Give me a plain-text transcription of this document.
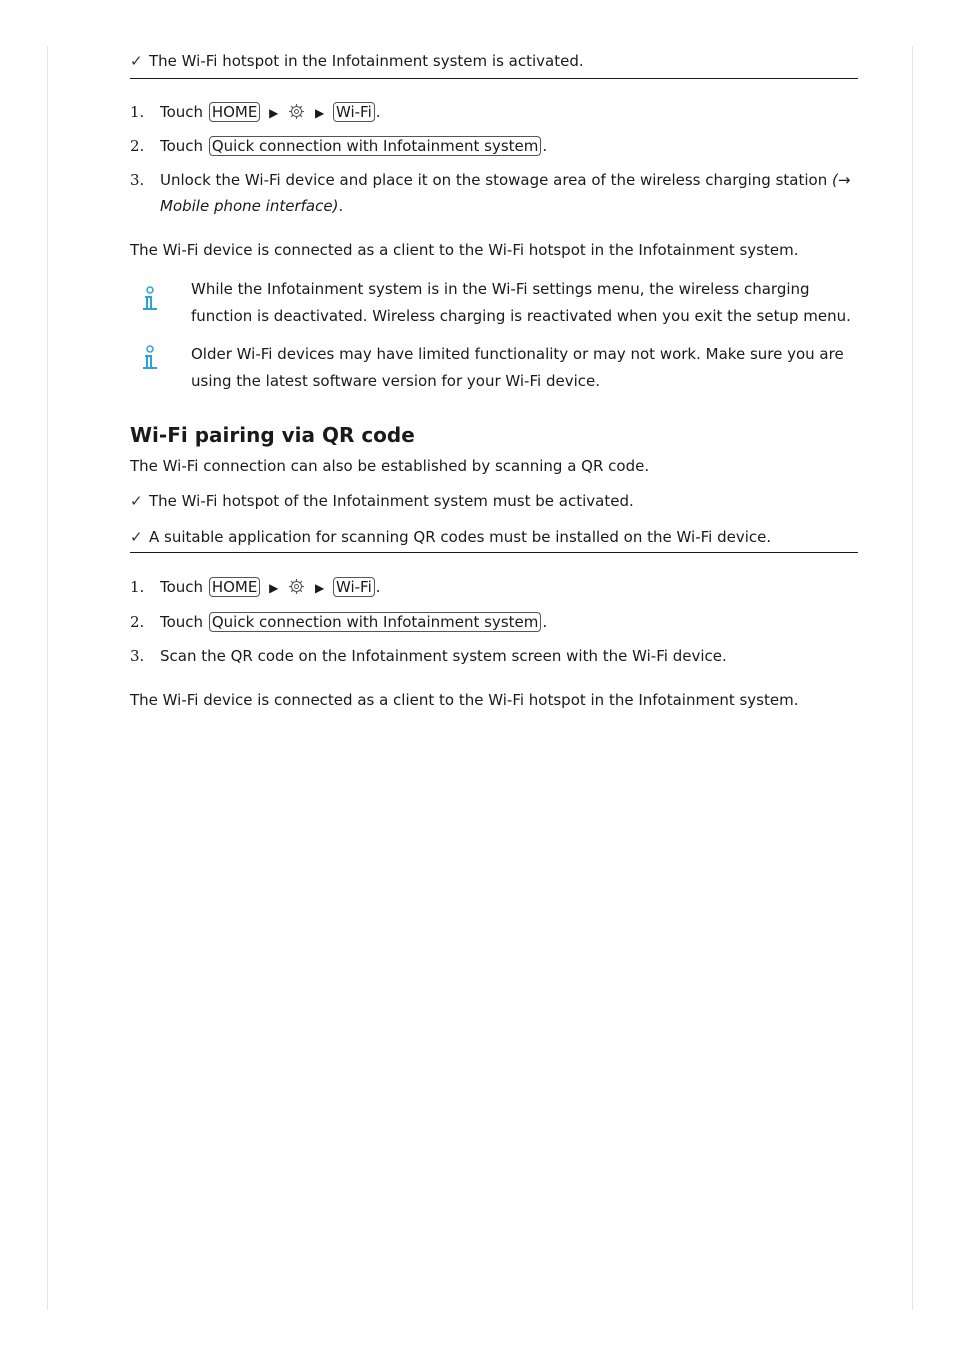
✓ The Wi-Fi hotspot in the Infotainment system is activated.
1. Touch HOME ▶	▶ Wi-Fi .
2. Touch Quick connection with Infotainment system .
3. Unlock the Wi-Fi device and place it on the stowage area of the wireless charging station (→
Mobile phone interface).
The Wi-Fi device is connected as a client to the Wi-Fi hotspot in the Infotainment system.
While the Infotainment system is in the Wi-Fi settings menu, the wireless charging
function is deactivated. Wireless charging is reactivated when you exit the setup menu.
Older Wi-Fi devices may have limited functionality or may not work. Make sure you are
using the latest software version for your Wi-Fi device.
Wi-Fi pairing via QR code
The Wi-Fi connection can also be established by scanning a QR code.
✓ The Wi-Fi hotspot of the Infotainment system must be activated.
✓ A suitable application for scanning QR codes must be installed on the Wi-Fi device.
1. Touch HOME ▶	▶ Wi-Fi .
2. Touch Quick connection with Infotainment system .
3. Scan the QR code on the Infotainment system screen with the Wi-Fi device.
The Wi-Fi device is connected as a client to the Wi-Fi hotspot in the Infotainment system.
